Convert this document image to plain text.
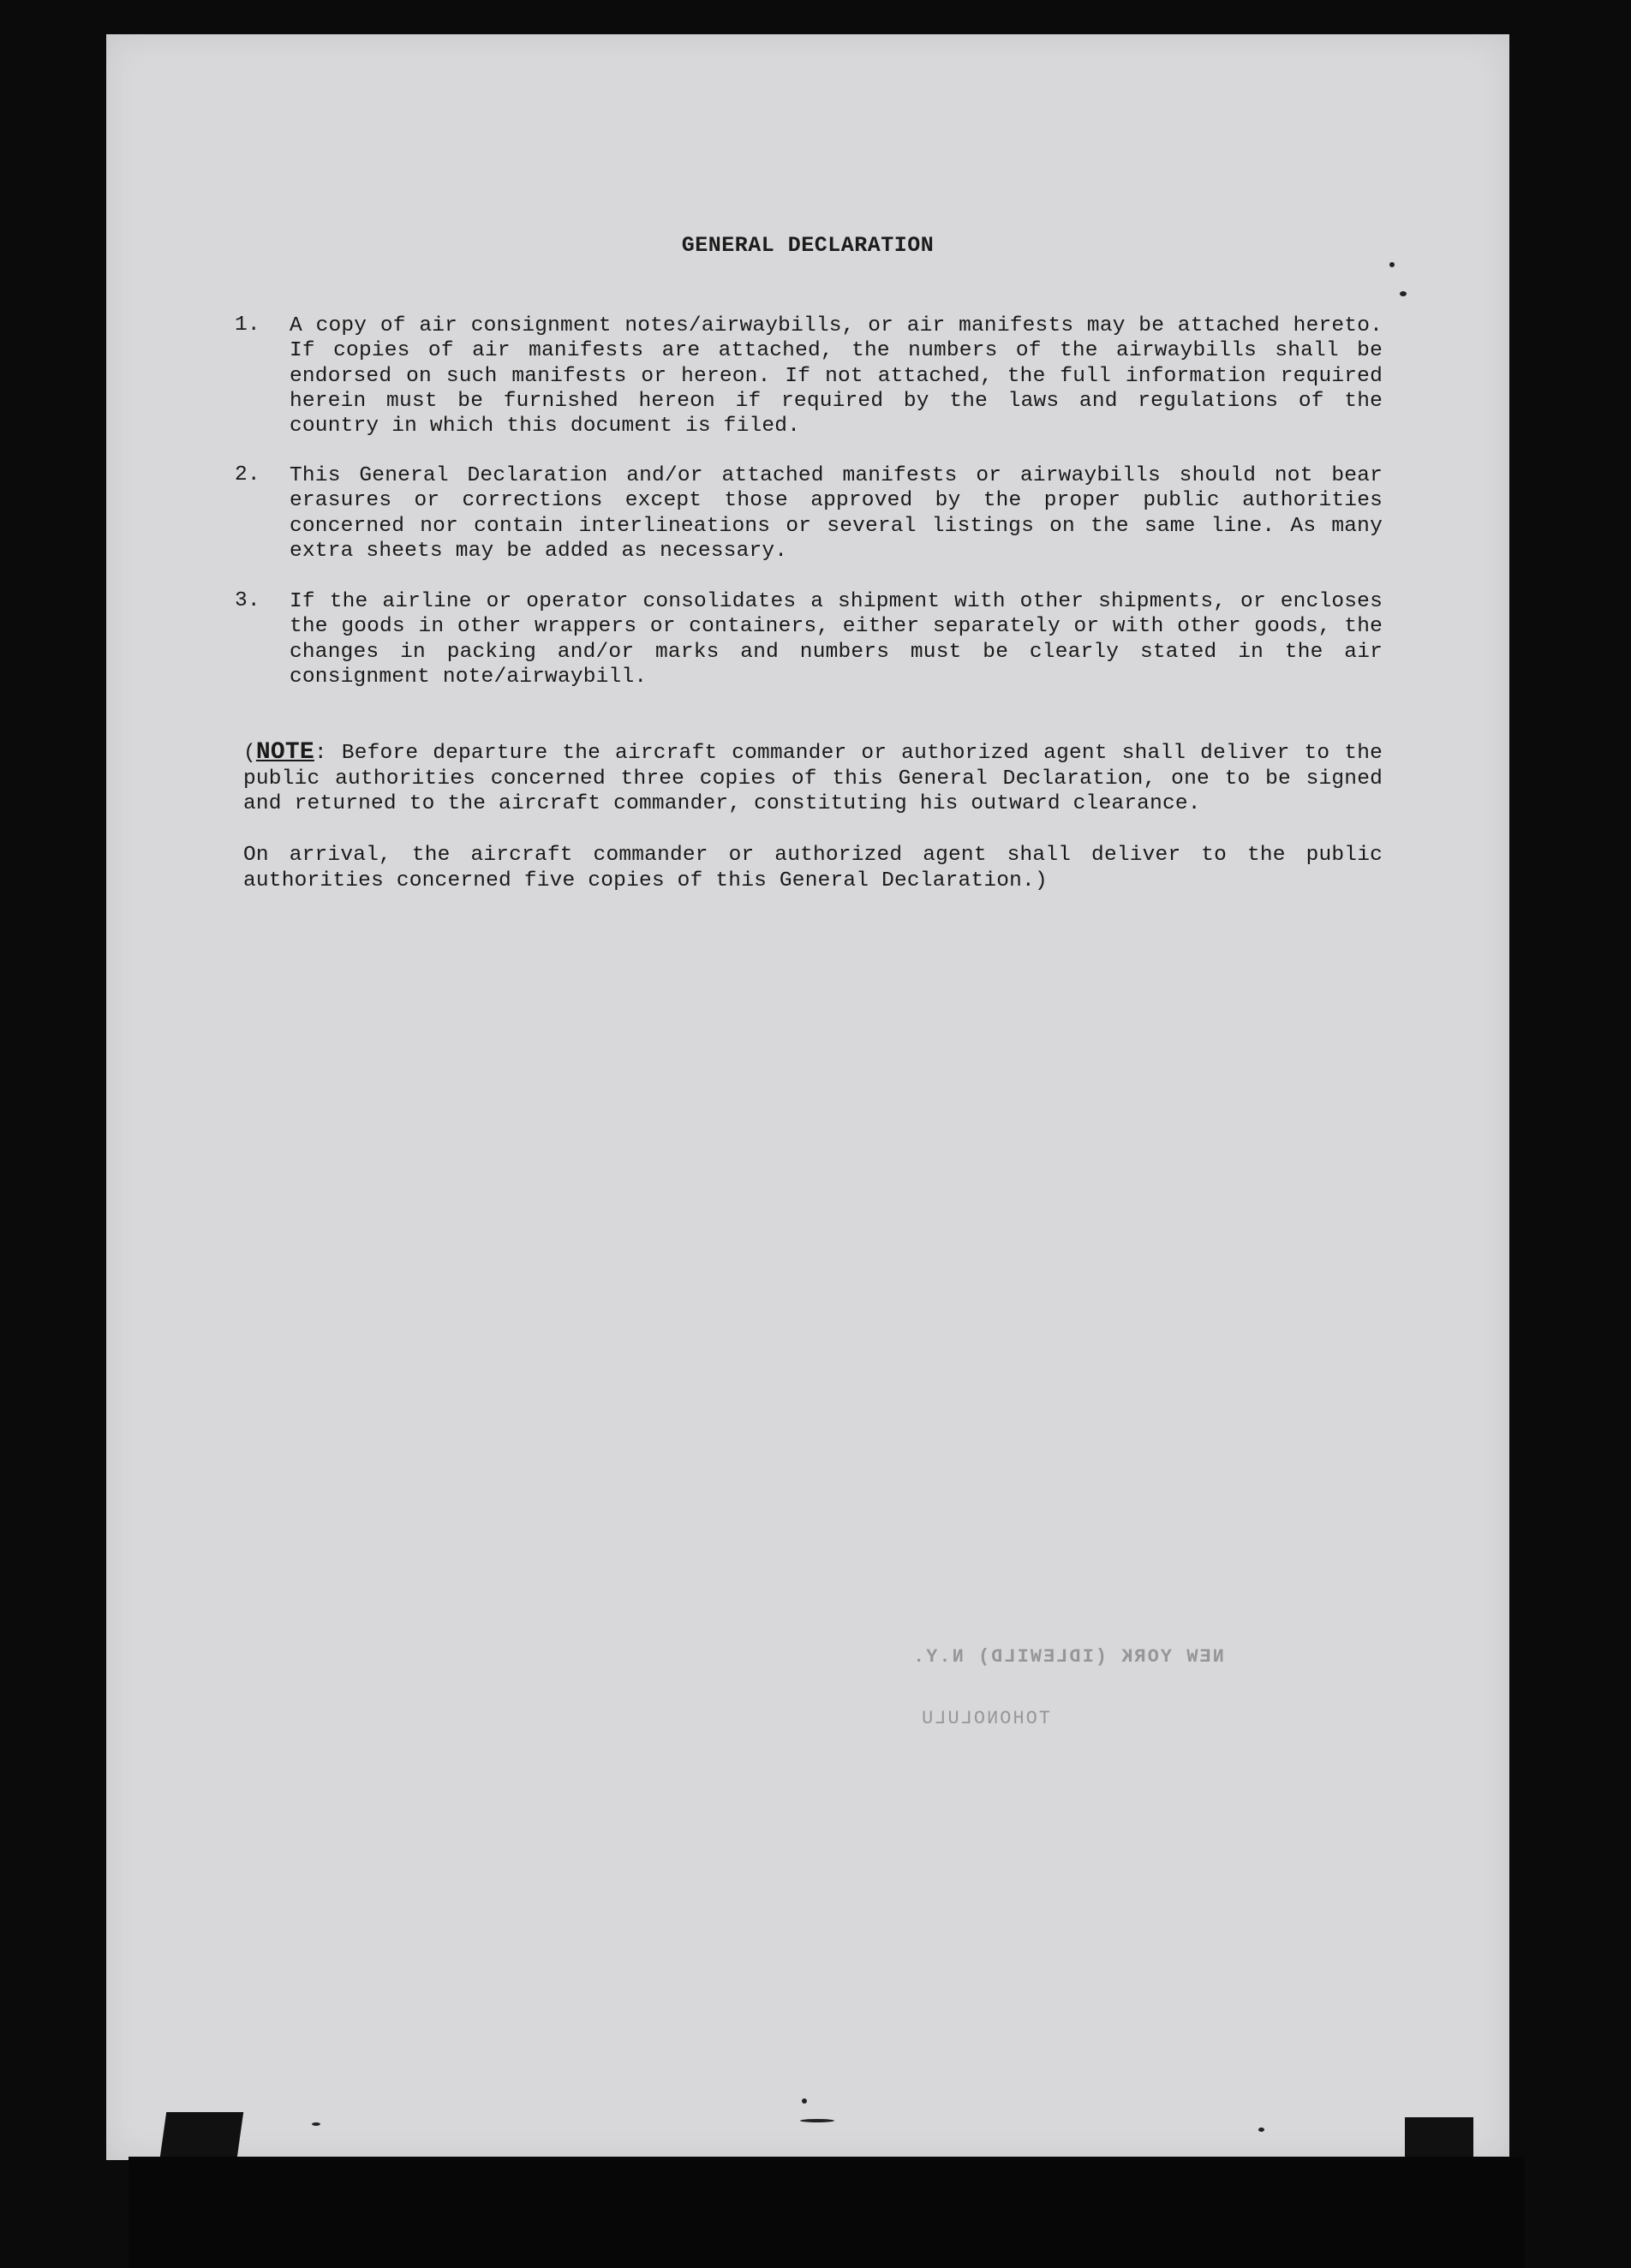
GENERAL DECLARATION
1.	A copy of air consignment notes/airwaybills, or air manifests may be attached hereto. If copies of air manifests are attached, the numbers of the airwaybills shall be endorsed on such manifests or hereon. If not attached, the full information required herein must be furnished hereon if required by the laws and regulations of the country in which this document is filed.
2.	This General Declaration and/or attached manifests or airwaybills should not bear erasures or corrections except those approved by the proper public authorities concerned nor contain interlineations or several listings on the same line. As many extra sheets may be added as necessary.
3.	If the airline or operator consolidates a shipment with other shipments, or encloses the goods in other wrappers or containers, either separately or with other goods, the changes in packing and/or marks and numbers must be clearly stated in the air consignment note/airwaybill.
(NOTE: Before departure the aircraft commander or authorized agent shall deliver to the public authorities concerned three copies of this General Declaration, one to be signed and returned to the aircraft commander, constituting his outward clearance.
On arrival, the aircraft commander or authorized agent shall deliver to the public authorities concerned five copies of this General Declaration.)
NEW YORK (IDLEWILD) N.Y.
TOHONOLULU
